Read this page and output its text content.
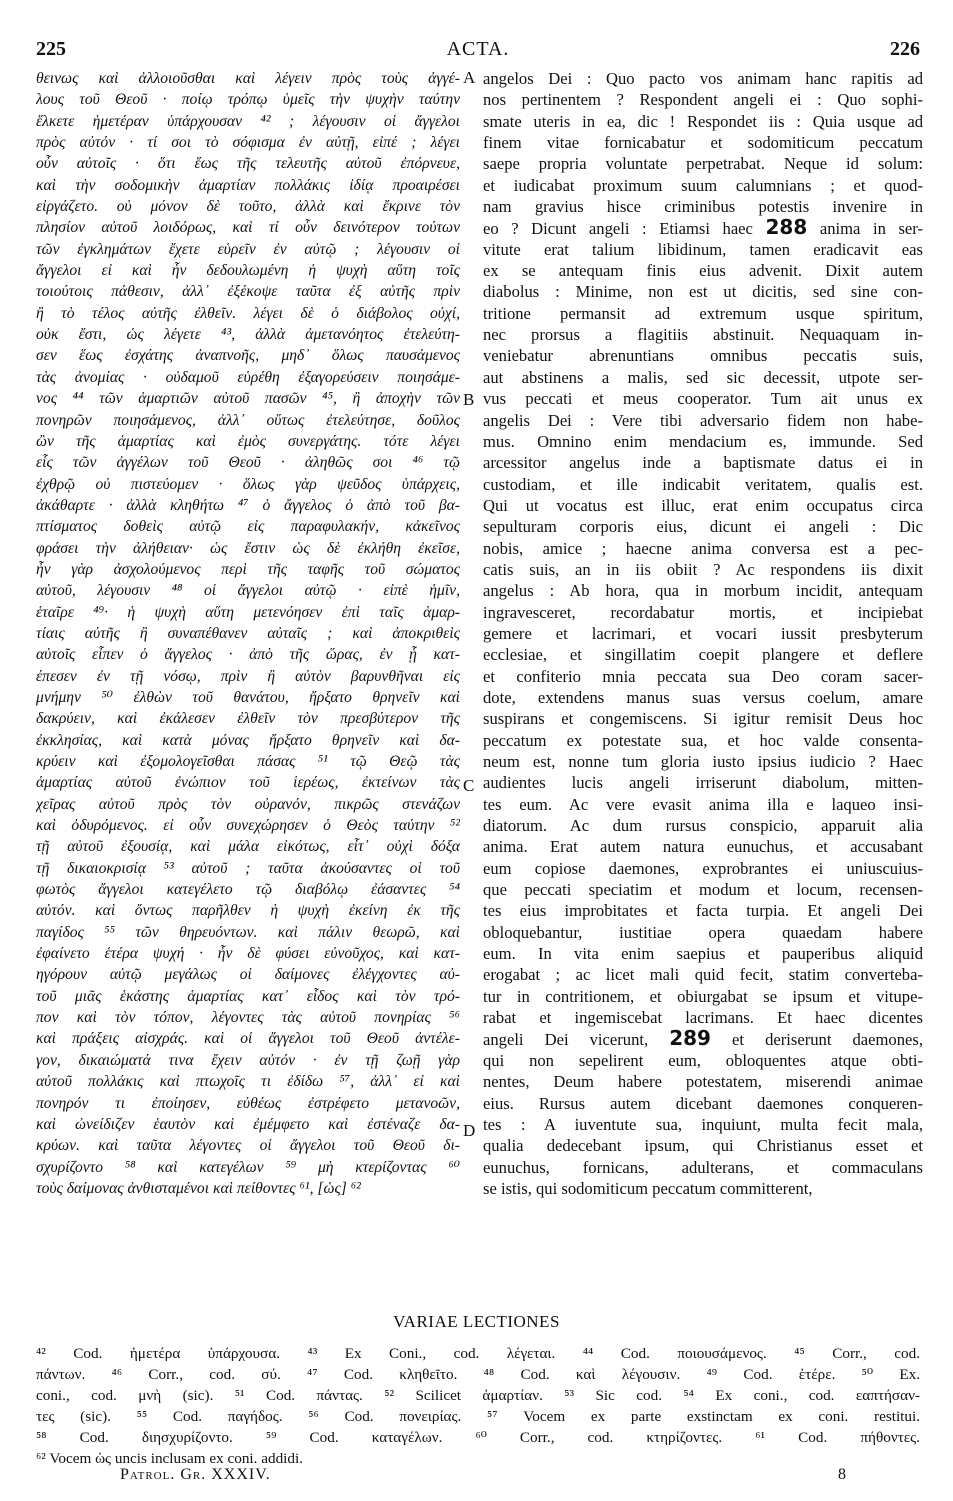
225	ACTA.	226
θεινως καὶ ἀλλοιοῦσθαι καὶ λέγειν πρὸς τοὺς ἀγγέ-
λους τοῦ Θεοῦ · ποίῳ τρόπῳ ὑμεῖς τὴν ψυχὴν ταύτην
ἕλκετε ἡμετέραν ὑπάρχουσαν ⁴² ; λέγουσιν οἱ ἄγγελοι
πρὸς αὐτόν · τί σοι τὸ σόφισμα ἐν αὐτῇ, εἰπέ ; λέγει
οὖν αὐτοῖς · ὅτι ἕως τῆς τελευτῆς αὐτοῦ ἐπόρνευε,
καὶ τὴν σοδομικὴν ἁμαρτίαν πολλάκις ἰδίᾳ προαιρέσει
εἰργάζετο. οὐ μόνον δὲ τοῦτο, ἀλλὰ καὶ ἔκρινε τὸν
πλησίον αὐτοῦ λοιδόρως, καὶ τί οὖν δεινότερον τούτων
τῶν ἐγκλημάτων ἔχετε εὑρεῖν ἐν αὐτῷ ; λέγουσιν οἱ
ἄγγελοι εἰ καὶ ἦν δεδουλωμένη ἡ ψυχὴ αὕτη τοῖς
τοιούτοις πάθεσιν, ἀλλ᾽ ἐξέκοψε ταῦτα ἐξ αὐτῆς πρὶν
ἢ τὸ τέλος αὐτῆς ἐλθεῖν. λέγει δὲ ὁ διάβολος οὐχί,
οὐκ ἔστι, ὡς λέγετε ⁴³, ἀλλὰ ἀμετανόητος ἐτελεύτη-
σεν ἕως ἐσχάτης ἀναπνοῆς, μηδ᾽ ὅλως παυσάμενος
τὰς ἀνομίας · οὐδαμοῦ εὑρέθη ἐξαγορεύσειν ποιησάμε-
νος ⁴⁴ τῶν ἁμαρτιῶν αὐτοῦ πασῶν ⁴⁵, ἢ ἀποχὴν τῶν
πονηρῶν ποιησάμενος, ἀλλ᾽ οὕτως ἐτελεύτησε, δοῦλος
ὢν τῆς ἁμαρτίας καὶ ἐμὸς συνεργάτης. τότε λέγει
εἷς τῶν ἀγγέλων τοῦ Θεοῦ · ἀληθῶς σοι ⁴⁶ τῷ
ἐχθρῷ οὐ πιστεύομεν · ὅλως γὰρ ψεῦδος ὑπάρχεις,
ἀκάθαρτε · ἀλλὰ κληθήτω ⁴⁷ ὁ ἄγγελος ὁ ἀπὸ τοῦ βα-
πτίσματος δοθεὶς αὐτῷ εἰς παραφυλακήν, κἀκεῖνος
φράσει τὴν ἀλήθειαν· ὡς ἔστιν ὡς δὲ ἐκλήθη ἐκεῖσε,
ἦν γὰρ ἀσχολούμενος περὶ τῆς ταφῆς τοῦ σώματος
αὐτοῦ, λέγουσιν ⁴⁸ οἱ ἄγγελοι αὐτῷ · εἰπὲ ἡμῖν,
ἑταῖρε ⁴⁹· ἡ ψυχὴ αὕτη μετενόησεν ἐπὶ ταῖς ἁμαρ-
τίαις αὐτῆς ἢ συναπέθανεν αὐταῖς ; καὶ ἀποκριθεὶς
αὐτοῖς εἶπεν ὁ ἄγγελος · ἀπὸ τῆς ὥρας, ἐν ᾗ κατ-
έπεσεν ἐν τῇ νόσῳ, πρὶν ἢ αὐτὸν βαρυνθῆναι εἰς
μνήμην ⁵⁰ ἐλθὼν τοῦ θανάτου, ἤρξατο θρηνεῖν καὶ
δακρύειν, καὶ ἐκάλεσεν ἐλθεῖν τὸν πρεσβύτερον τῆς
ἐκκλησίας, καὶ κατὰ μόνας ἤρξατο θρηνεῖν καὶ δα-
κρύειν καὶ ἐξομολογεῖσθαι πάσας ⁵¹ τῷ Θεῷ τὰς
ἁμαρτίας αὐτοῦ ἐνώπιον τοῦ ἱερέως, ἐκτείνων τὰς
χεῖρας αὐτοῦ πρὸς τὸν οὐρανόν, πικρῶς στενάζων
καὶ ὀδυρόμενος. εἰ οὖν συνεχώρησεν ὁ Θεὸς ταύτην ⁵²
τῇ αὐτοῦ ἐξουσίᾳ, καὶ μάλα εἰκότως, εἶτ᾽ οὐχὶ δόξα
τῇ δικαιοκρισίᾳ ⁵³ αὐτοῦ ; ταῦτα ἀκούσαντες οἱ τοῦ
φωτὸς ἄγγελοι κατεγέλετο τῷ διαβόλῳ ἐάσαντες ⁵⁴
αὐτόν. καὶ ὄντως παρῆλθεν ἡ ψυχὴ ἐκείνη ἐκ τῆς
παγίδος ⁵⁵ τῶν θηρευόντων. καὶ πάλιν θεωρῶ, καὶ
ἐφαίνετο ἑτέρα ψυχή · ἦν δὲ φύσει εὐνοῦχος, καὶ κατ-
ηγόρουν αὐτῷ μεγάλως οἱ δαίμονες ἐλέγχοντες αὐ-
τοῦ μιᾶς ἑκάστης ἁμαρτίας κατ᾽ εἶδος καὶ τὸν τρό-
πον καὶ τὸν τόπον, λέγοντες τὰς αὐτοῦ πονηρίας ⁵⁶
καὶ πράξεις αἰσχράς. καὶ οἱ ἄγγελοι τοῦ Θεοῦ ἀντέλε-
γον, δικαιώματά τινα ἔχειν αὐτόν · ἐν τῇ ζωῇ γὰρ
αὐτοῦ πολλάκις καὶ πτωχοῖς τι ἐδίδω ⁵⁷, ἀλλ᾽ εἰ καὶ
πονηρόν τι ἐποίησεν, εὐθέως ἐστρέφετο μετανοῶν,
καὶ ὠνείδιζεν ἑαυτὸν καὶ ἐμέμφετο καὶ ἐστέναζε δα-
κρύων. καὶ ταῦτα λέγοντες οἱ ἄγγελοι τοῦ Θεοῦ δι-
σχυρίζοντο ⁵⁸ καὶ κατεγέλων ⁵⁹ μὴ κτερίζοντας ⁶⁰
τοὺς δαίμονας ἀνθισταμένοι καὶ πείθοντες ⁶¹, [ὡς] ⁶²
angelos Dei : Quo pacto vos animam hanc rapitis ad
nos pertinentem ? Respondent angeli ei : Quo sophi-
smate uteris in ea, dic ! Respondet iis : Quia usque ad
finem vitae fornicabatur et sodomiticum peccatum
saepe propria voluntate perpetrabat. Neque id solum:
et iudicabat proximum suum calumnians ; et quod-
nam gravius hisce criminibus potestis invenire in
eo ? Dicunt angeli : Etiamsi haec 288 anima in ser-
vitute erat talium libidinum, tamen eradicavit eas
ex se antequam finis eius advenit. Dixit autem
diabolus : Minime, non est ut dicitis, sed sine con-
tritione permansit ad extremum usque spiritum,
nec prorsus a flagitiis abstinuit. Nequaquam in-
veniebatur abrenuntians omnibus peccatis suis,
aut abstinens a malis, sed sic decessit, utpote ser-
vus peccati et meus cooperator. Tum ait unus ex
angelis Dei : Vere tibi adversario fidem non habe-
mus. Omnino enim mendacium es, immunde. Sed
arcessitor angelus inde a baptismate datus ei in
custodiam, et ille indicabit veritatem, qualis est.
Qui ut vocatus est illuc, erat enim occupatus circa
sepulturam corporis eius, dicunt ei angeli : Dic
nobis, amice ; haecne anima conversa est a pec-
catis suis, an in iis obiit ? Ac respondens iis dixit
angelus : Ab hora, qua in morbum incidit, antequam
ingravesceret, recordabatur mortis, et incipiebat
gemere et lacrimari, et vocari iussit presbyterum
ecclesiae, et singillatim coepit plangere et deflere
et confiterio mnia peccata sua Deo coram sacer-
dote, extendens manus suas versus coelum, amare
suspirans et congemiscens. Si igitur remisit Deus hoc
peccatum ex potestate sua, et hoc valde consenta-
neum est, nonne tum gloria iusto ipsius iudicio ? Haec
audientes lucis angeli irriserunt diabolum, mitten-
tes eum. Ac vere evasit anima illa e laqueo insi-
diatorum. Ac dum rursus conspicio, apparuit alia
anima. Erat autem natura eunuchus, et accusabant
eum copiose daemones, exprobrantes ei uniuscuius-
que peccati speciatim et modum et locum, recensen-
tes eius improbitates et facta turpia. Et angeli Dei
obloquebantur, iustitiae opera quaedam habere
eum. In vita enim saepius et pauperibus aliquid
erogabat ; ac licet mali quid fecit, statim converteba-
tur in contritionem, et obiurgabat se ipsum et vitupe-
rabat et ingemiscebat lacrimans. Et haec dicentes
angeli Dei vicerunt, 289 et deriserunt daemones,
qui non sepelirent eum, obloquentes atque obti-
nentes, Deum habere potestatem, miserendi animae
eius. Rursus autem dicebant daemones conqueren-
tes : A iuventute sua, inquiunt, multa fecit mala,
qualia dedecebant ipsum, qui Christianus esset et
eunuchus, fornicans, adulterans, et commaculans
se istis, qui sodomiticum peccatum committerent,
A
B
C
D
VARIAE LECTIONES
⁴² Cod. ἡμετέρα ὑπάρχουσα. ⁴³ Ex Coni., cod. λέγεται. ⁴⁴ Cod. ποιουσάμενος. ⁴⁵ Corr., cod.
πάντων. ⁴⁶ Corr., cod. σύ. ⁴⁷ Cod. κληθεῖτο. ⁴⁸ Cod. καὶ λέγουσιν. ⁴⁹ Cod. ἑτέρε. ⁵⁰ Ex.
coni., cod. μνὴ (sic). ⁵¹ Cod. πάντας. ⁵² Scilicet ἁμαρτίαν. ⁵³ Sic cod. ⁵⁴ Ex coni., cod. εαπτήσαν-
τες (sic). ⁵⁵ Cod. παγήδος. ⁵⁶ Cod. πονειρίας. ⁵⁷ Vocem ex parte exstinctam ex coni. restitui.
⁵⁸ Cod. διησχυρίζοντο. ⁵⁹ Cod. καταγέλων. ⁶⁰ Corr., cod. κτηρίζοντες. ⁶¹ Cod. πήθοντες.
⁶² Vocem ὡς uncis inclusam ex coni. addidi.
Patrol. Gr. XXXIV.	8
